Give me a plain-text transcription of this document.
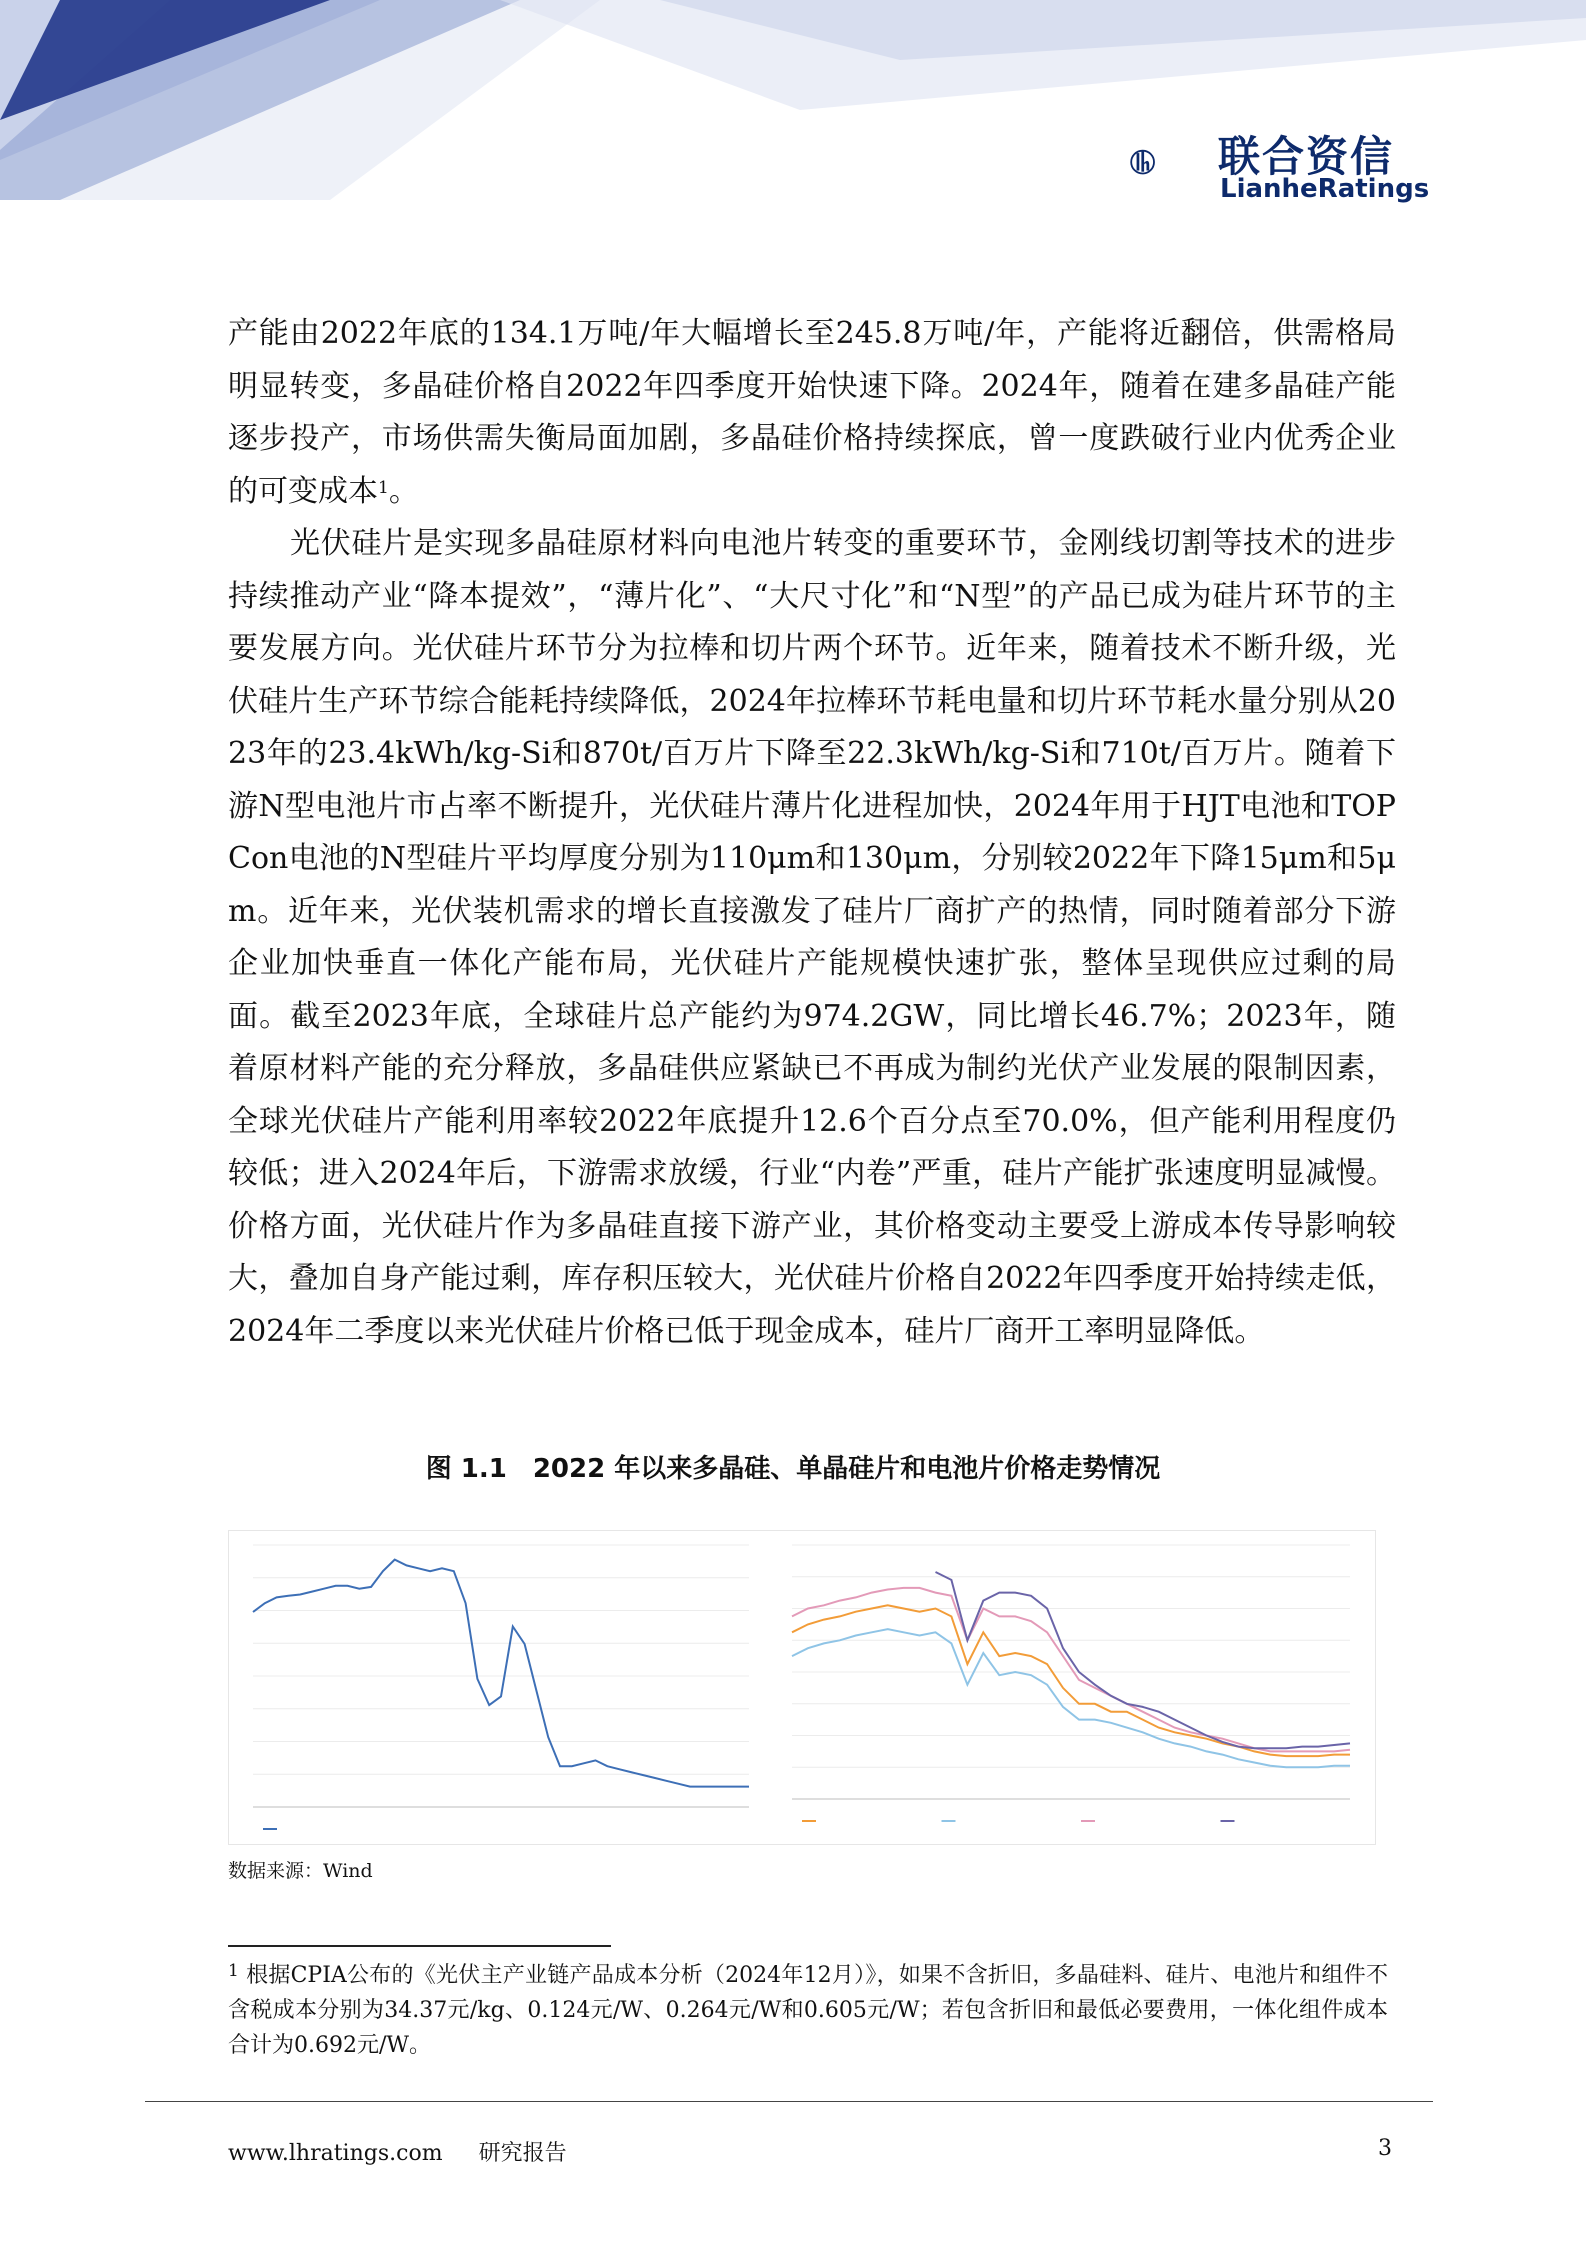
联合资信
LianheRatings

产能由2022年底的134.1万吨/年大幅增长至245.8万吨/年，产能将近翻倍，供需格局明显转变，多晶硅价格自2022年四季度开始快速下降。2024年，随着在建多晶硅产能逐步投产，市场供需失衡局面加剧，多晶硅价格持续探底，曾一度跌破行业内优秀企业的可变成本$^1$。

光伏硅片是实现多晶硅原材料向电池片转变的重要环节，金刚线切割等技术的进步持续推动产业“降本提效”，“薄片化”、“大尺寸化”和“N型”的产品已成为硅片环节的主要发展方向。光伏硅片环节分为拉棒和切片两个环节。近年来，随着技术不断升级，光伏硅片生产环节综合能耗持续降低，2024年拉棒环节耗电量和切片环节耗水量分别从2023年的23.4kWh/kg-Si和870t/百万片下降至22.3kWh/kg-Si和710t/百万片。随着下游N型电池片市占率不断提升，光伏硅片薄片化进程加快，2024年用于HJT电池和TOPCon电池的N型硅片平均厚度分别为110μm和130μm，分别较2022年下降15μm和5μm。近年来，光伏装机需求的增长直接激发了硅片厂商扩产的热情，同时随着部分下游企业加快垂直一体化产能布局，光伏硅片产能规模快速扩张，整体呈现供应过剩的局面。截至2023年底，全球硅片总产能约为974.2GW，同比增长46.7%；2023年，随着原材料产能的充分释放，多晶硅供应紧缺已不再成为制约光伏产业发展的限制因素，全球光伏硅片产能利用率较2022年底提升12.6个百分点至70.0%，但产能利用程度仍较低；进入2024年后，下游需求放缓，行业“内卷”严重，硅片产能扩张速度明显减慢。价格方面，光伏硅片作为多晶硅直接下游产业，其价格变动主要受上游成本传导影响较大，叠加自身产能过剩，库存积压较大，光伏硅片价格自2022年四季度开始持续走低，2024年二季度以来光伏硅片价格已低于现金成本，硅片厂商开工率明显降低。

图 1.1　2022 年以来多晶硅、单晶硅片和电池片价格走势情况
数据来源：Wind
$^1$ 根据CPIA公布的《光伏主产业链产品成本分析（2024年12月）》，如果不含折旧，多晶硅料、硅片、电池片和组件不含税成本分别为34.37元/kg、0.124元/W、0.264元/W和0.605元/W；若包含折旧和最低必要费用，一体化组件成本合计为0.692元/W。
www.lhratings.com 研究报告	3
